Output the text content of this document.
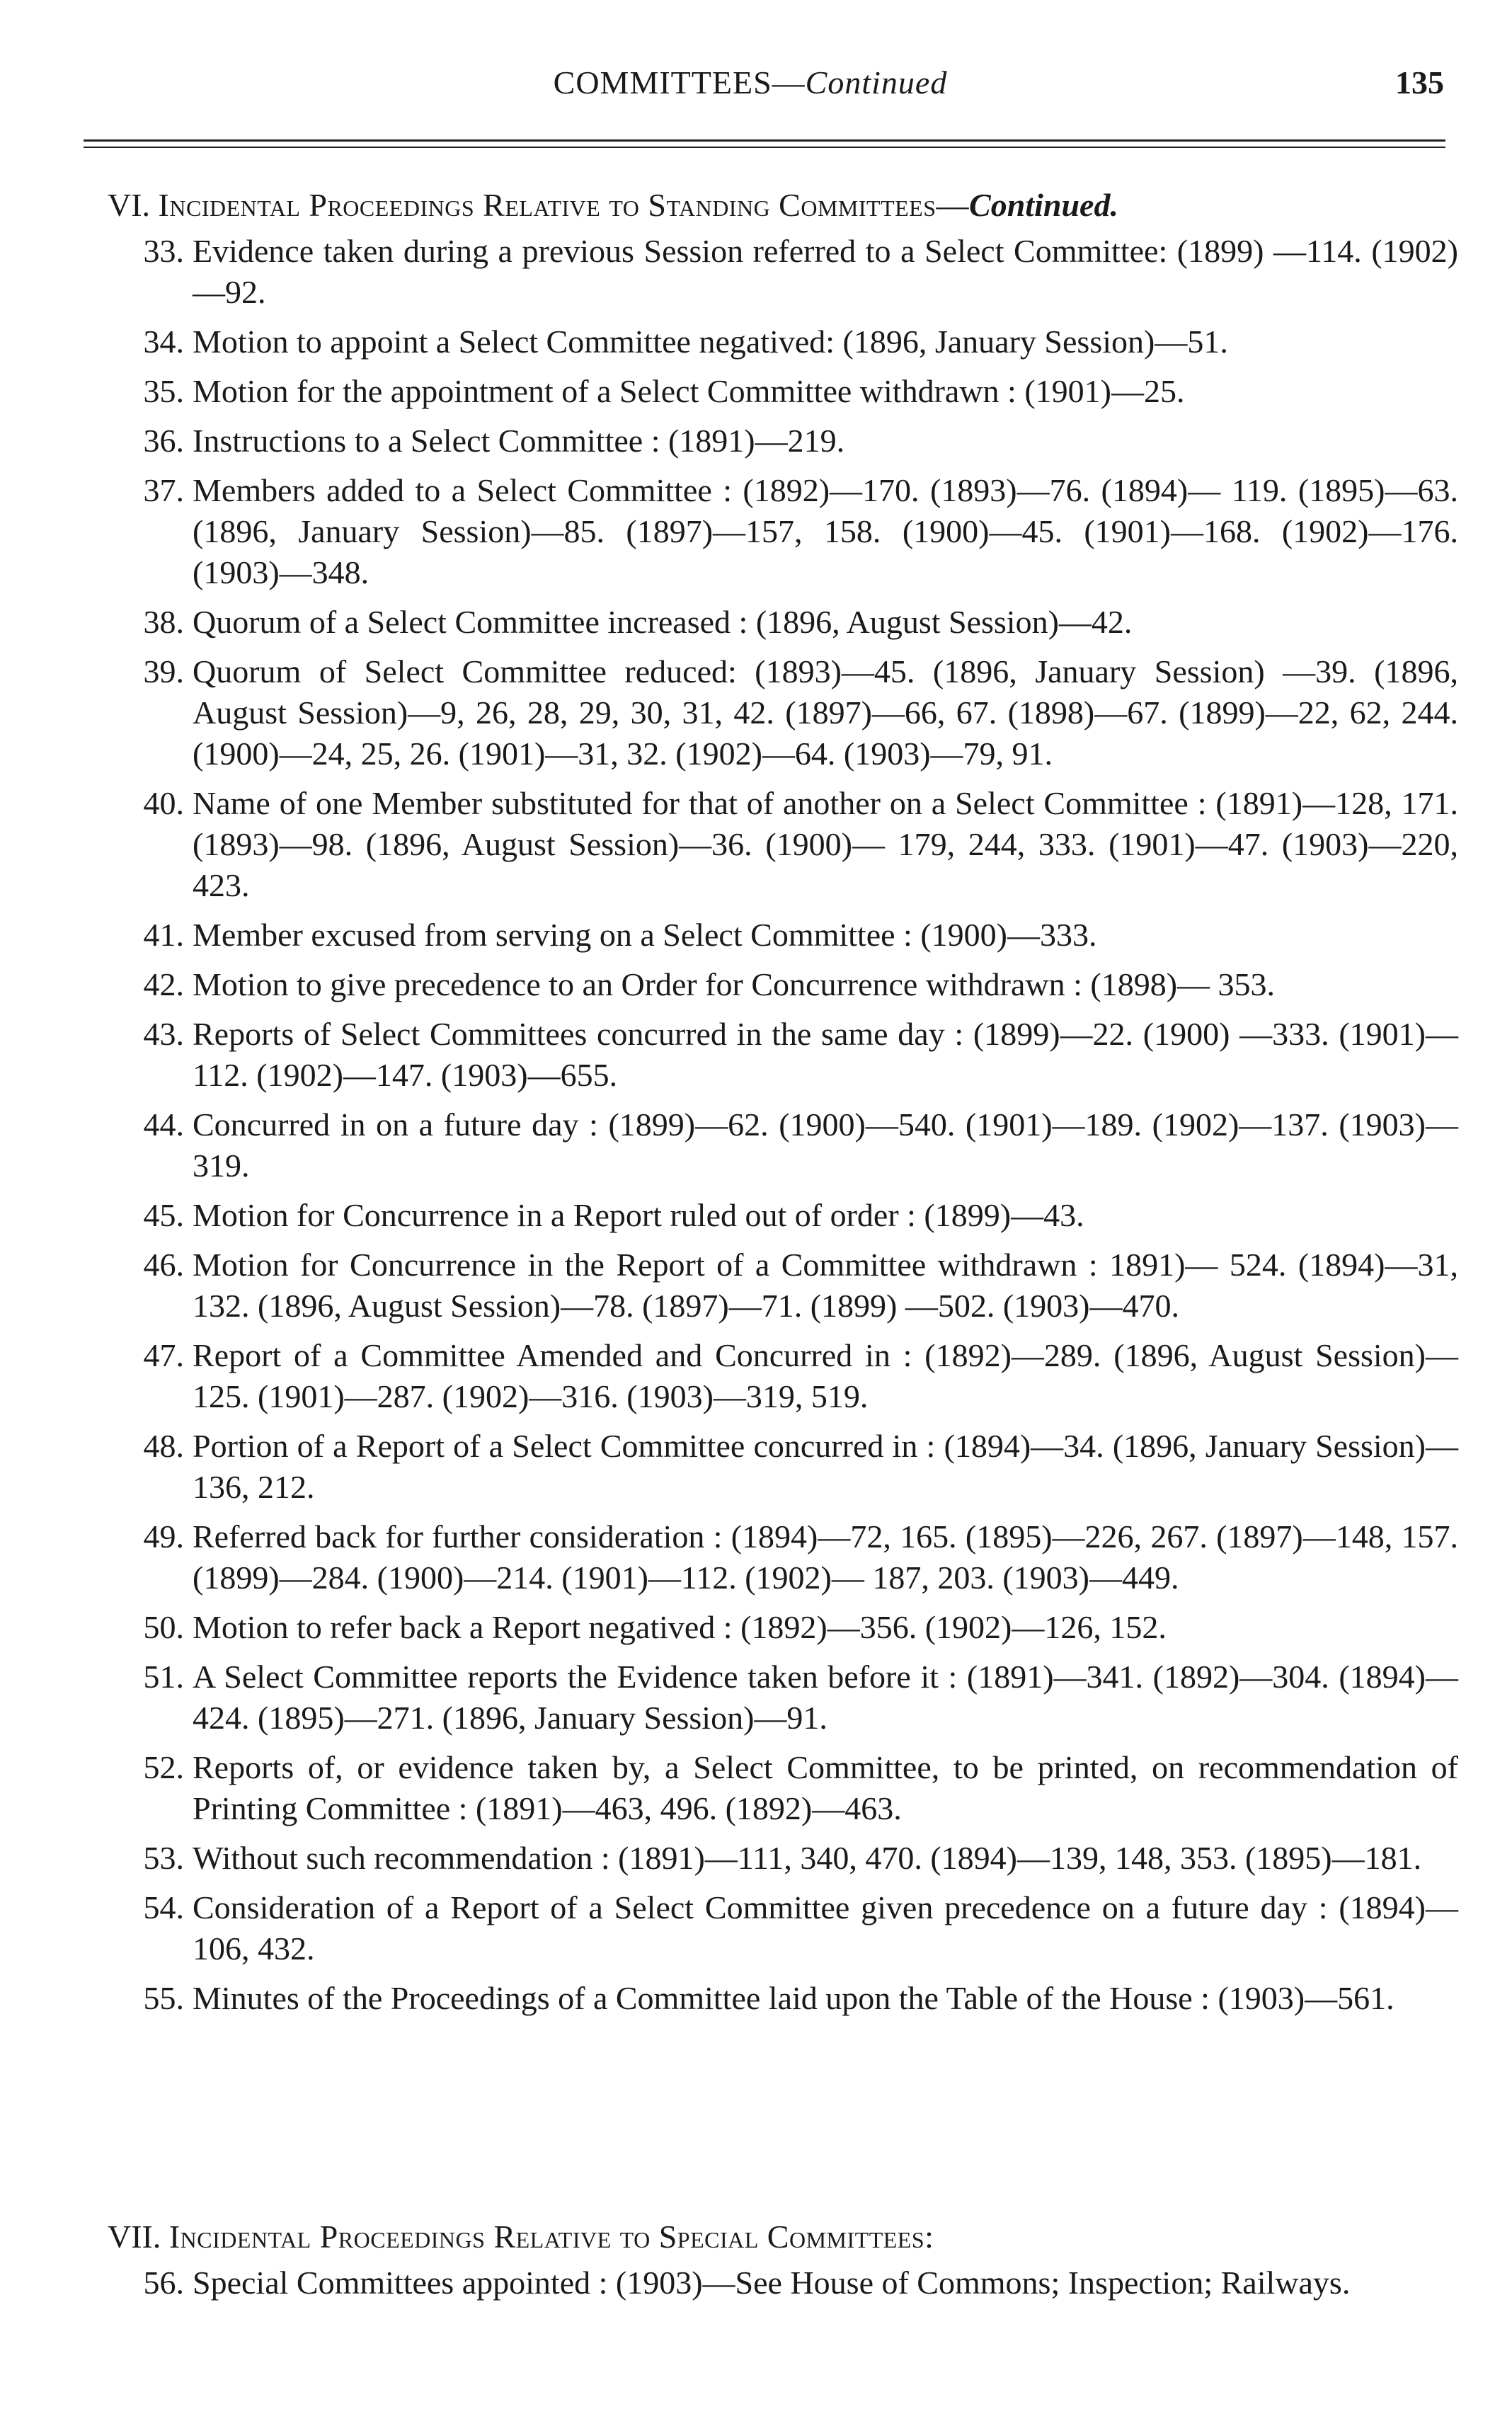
COMMITTEES—Continued	135
VI. Incidental Proceedings Relative to Standing Committees—Continued.
33. Evidence taken during a previous Session referred to a Select Committee: (1899) —114. (1902)—92.
34. Motion to appoint a Select Committee negatived: (1896, January Session)—51.
35. Motion for the appointment of a Select Committee withdrawn : (1901)—25.
36. Instructions to a Select Committee : (1891)—219.
37. Members added to a Select Committee : (1892)—170. (1893)—76. (1894)— 119. (1895)—63. (1896, January Session)—85. (1897)—157, 158. (1900)—45. (1901)—168. (1902)—176. (1903)—348.
38. Quorum of a Select Committee increased : (1896, August Session)—42.
39. Quorum of Select Committee reduced: (1893)—45. (1896, January Session) —39. (1896, August Session)—9, 26, 28, 29, 30, 31, 42. (1897)—66, 67. (1898)—67. (1899)—22, 62, 244. (1900)—24, 25, 26. (1901)—31, 32. (1902)—64. (1903)—79, 91.
40. Name of one Member substituted for that of another on a Select Committee : (1891)—128, 171. (1893)—98. (1896, August Session)—36. (1900)— 179, 244, 333. (1901)—47. (1903)—220, 423.
41. Member excused from serving on a Select Committee : (1900)—333.
42. Motion to give precedence to an Order for Concurrence withdrawn : (1898)— 353.
43. Reports of Select Committees concurred in the same day : (1899)—22. (1900) —333. (1901)—112. (1902)—147. (1903)—655.
44. Concurred in on a future day : (1899)—62. (1900)—540. (1901)—189. (1902)—137. (1903)—319.
45. Motion for Concurrence in a Report ruled out of order : (1899)—43.
46. Motion for Concurrence in the Report of a Committee withdrawn : 1891)— 524. (1894)—31, 132. (1896, August Session)—78. (1897)—71. (1899) —502. (1903)—470.
47. Report of a Committee Amended and Concurred in : (1892)—289. (1896, August Session)—125. (1901)—287. (1902)—316. (1903)—319, 519.
48. Portion of a Report of a Select Committee concurred in : (1894)—34. (1896, January Session)—136, 212.
49. Referred back for further consideration : (1894)—72, 165. (1895)—226, 267. (1897)—148, 157. (1899)—284. (1900)—214. (1901)—112. (1902)— 187, 203. (1903)—449.
50. Motion to refer back a Report negatived : (1892)—356. (1902)—126, 152.
51. A Select Committee reports the Evidence taken before it : (1891)—341. (1892)—304. (1894)—424. (1895)—271. (1896, January Session)—91.
52. Reports of, or evidence taken by, a Select Committee, to be printed, on recommendation of Printing Committee : (1891)—463, 496. (1892)—463.
53. Without such recommendation : (1891)—111, 340, 470. (1894)—139, 148, 353. (1895)—181.
54. Consideration of a Report of a Select Committee given precedence on a future day : (1894)—106, 432.
55. Minutes of the Proceedings of a Committee laid upon the Table of the House : (1903)—561.
VII. Incidental Proceedings Relative to Special Committees:
56. Special Committees appointed : (1903)—See House of Commons; Inspection; Railways.
